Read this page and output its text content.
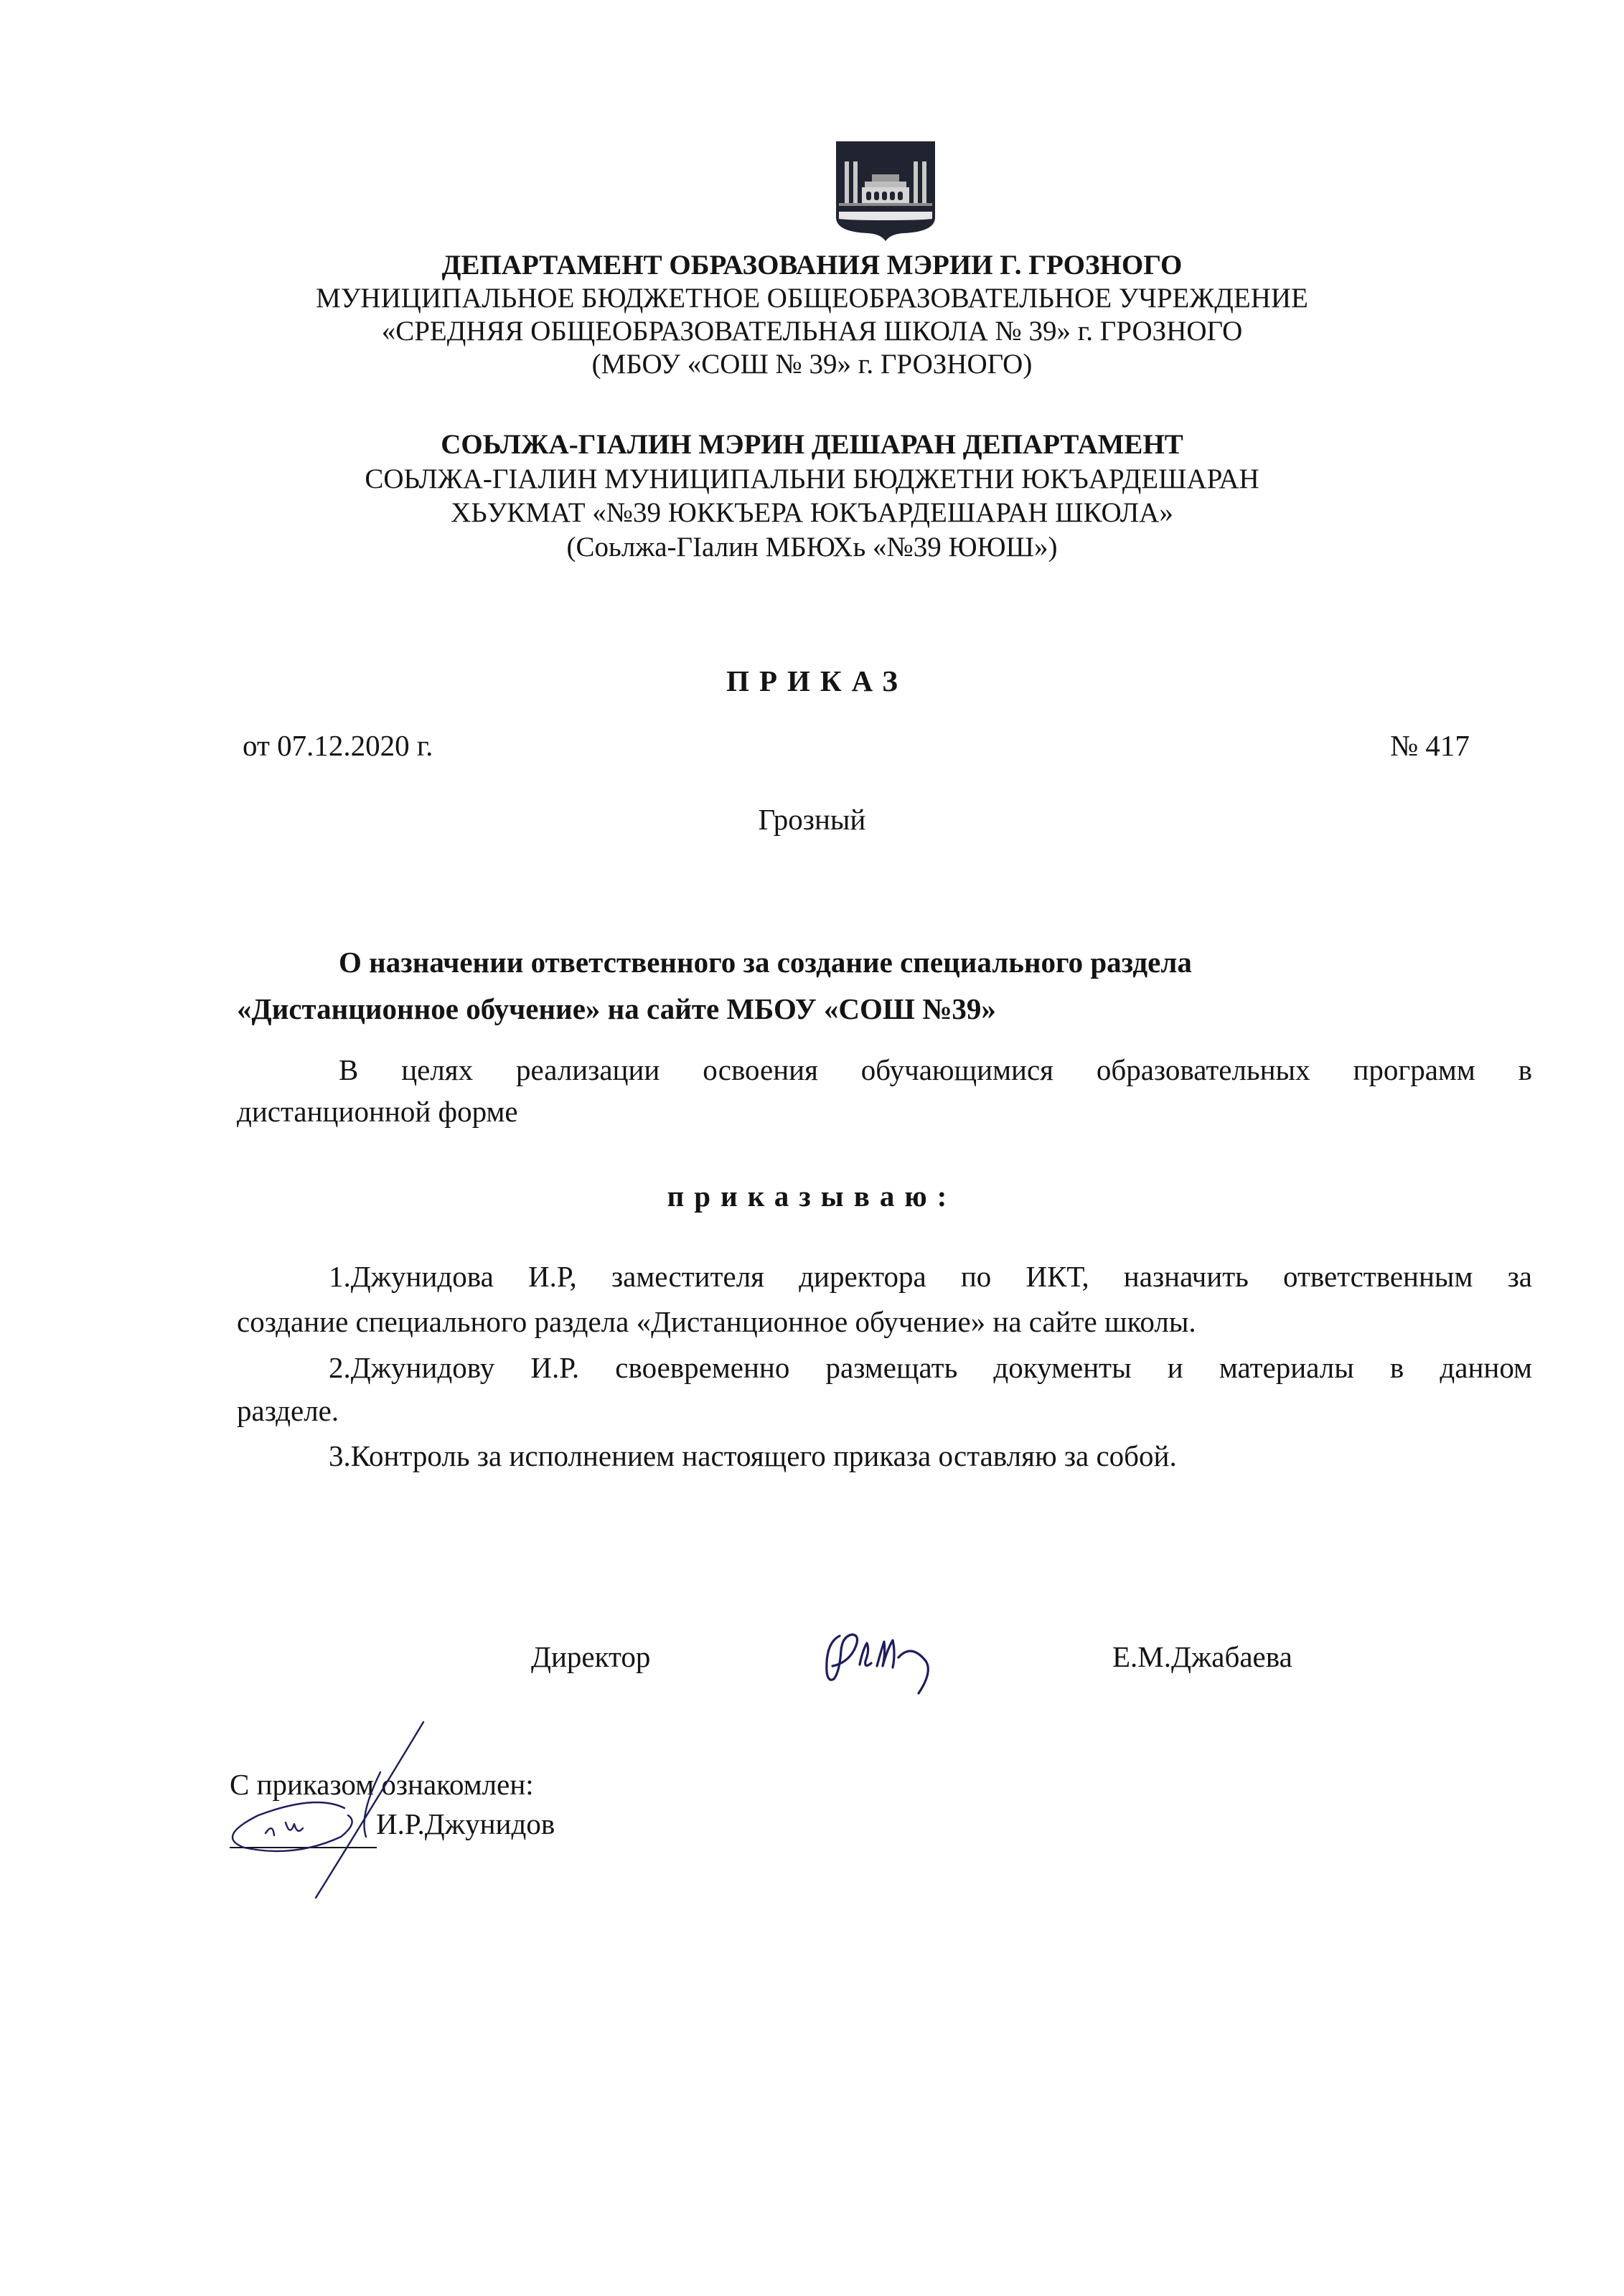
ДЕПАРТАМЕНТ ОБРАЗОВАНИЯ МЭРИИ Г. ГРОЗНОГО
МУНИЦИПАЛЬНОЕ БЮДЖЕТНОЕ ОБЩЕОБРАЗОВАТЕЛЬНОЕ УЧРЕЖДЕНИЕ
«СРЕДНЯЯ ОБЩЕОБРАЗОВАТЕЛЬНАЯ ШКОЛА № 39» г. ГРОЗНОГО
(МБОУ «СОШ № 39» г. ГРОЗНОГО)
СОЬЛЖА-ГIАЛИН МЭРИН ДЕШАРАН ДЕПАРТАМЕНТ
СОЬЛЖА-ГIАЛИН МУНИЦИПАЛЬНИ БЮДЖЕТНИ ЮКЪАРДЕШАРАН
ХЬУКМАТ «№39 ЮККЪЕРА ЮКЪАРДЕШАРАН ШКОЛА»
(Соьлжа-ГIалин МБЮХь «№39 ЮЮШ»)
ПРИКАЗ
от 07.12.2020 г.	№ 417
Грозный
О назначении ответственного за создание специального раздела
«Дистанционное обучение» на сайте МБОУ «СОШ №39»
В целях реализации освоения обучающимися образовательных программ в
дистанционной форме
приказываю:
1.Джунидова И.Р, заместителя директора по ИКТ, назначить ответственным за
создание специального раздела «Дистанционное обучение» на сайте школы.
2.Джунидову И.Р. своевременно размещать документы и материалы в данном
разделе.
3.Контроль за исполнением настоящего приказа оставляю за собой.
Директор	Е.М.Джабаева
С приказом ознакомлен:
И.Р.Джунидов
